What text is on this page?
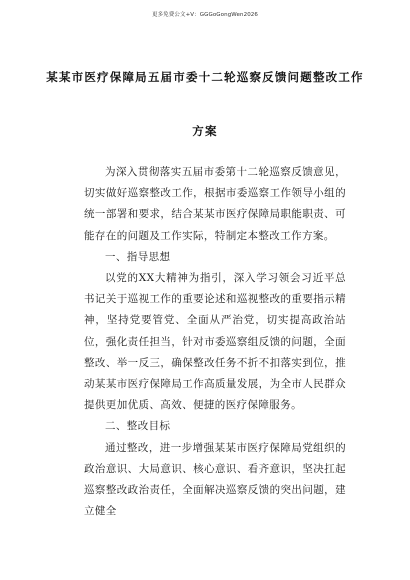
更多免费公文+V：GGGoGongWen2026
某某市医疗保障局五届市委十二轮巡察反馈问题整改工作
方案

为深入贯彻落实五届市委第十二轮巡察反馈意见，切实做好巡察整改工作，根据市委巡察工作领导小组的统一部署和要求，结合某某市医疗保障局职能职责、可能存在的问题及工作实际，特制定本整改工作方案。

一、指导思想

以党的XX大精神为指引，深入学习领会习近平总书记关于巡视工作的重要论述和巡视整改的重要指示精神，坚持党要管党、全面从严治党，切实提高政治站位，强化责任担当，针对市委巡察组反馈的问题，全面整改、举一反三，确保整改任务不折不扣落实到位，推动某某市医疗保障局工作高质量发展，为全市人民群众提供更加优质、高效、便捷的医疗保障服务。

二、整改目标

通过整改，进一步增强某某市医疗保障局党组织的政治意识、大局意识、核心意识、看齐意识，坚决扛起巡察整改政治责任，全面解决巡察反馈的突出问题，建立健全
